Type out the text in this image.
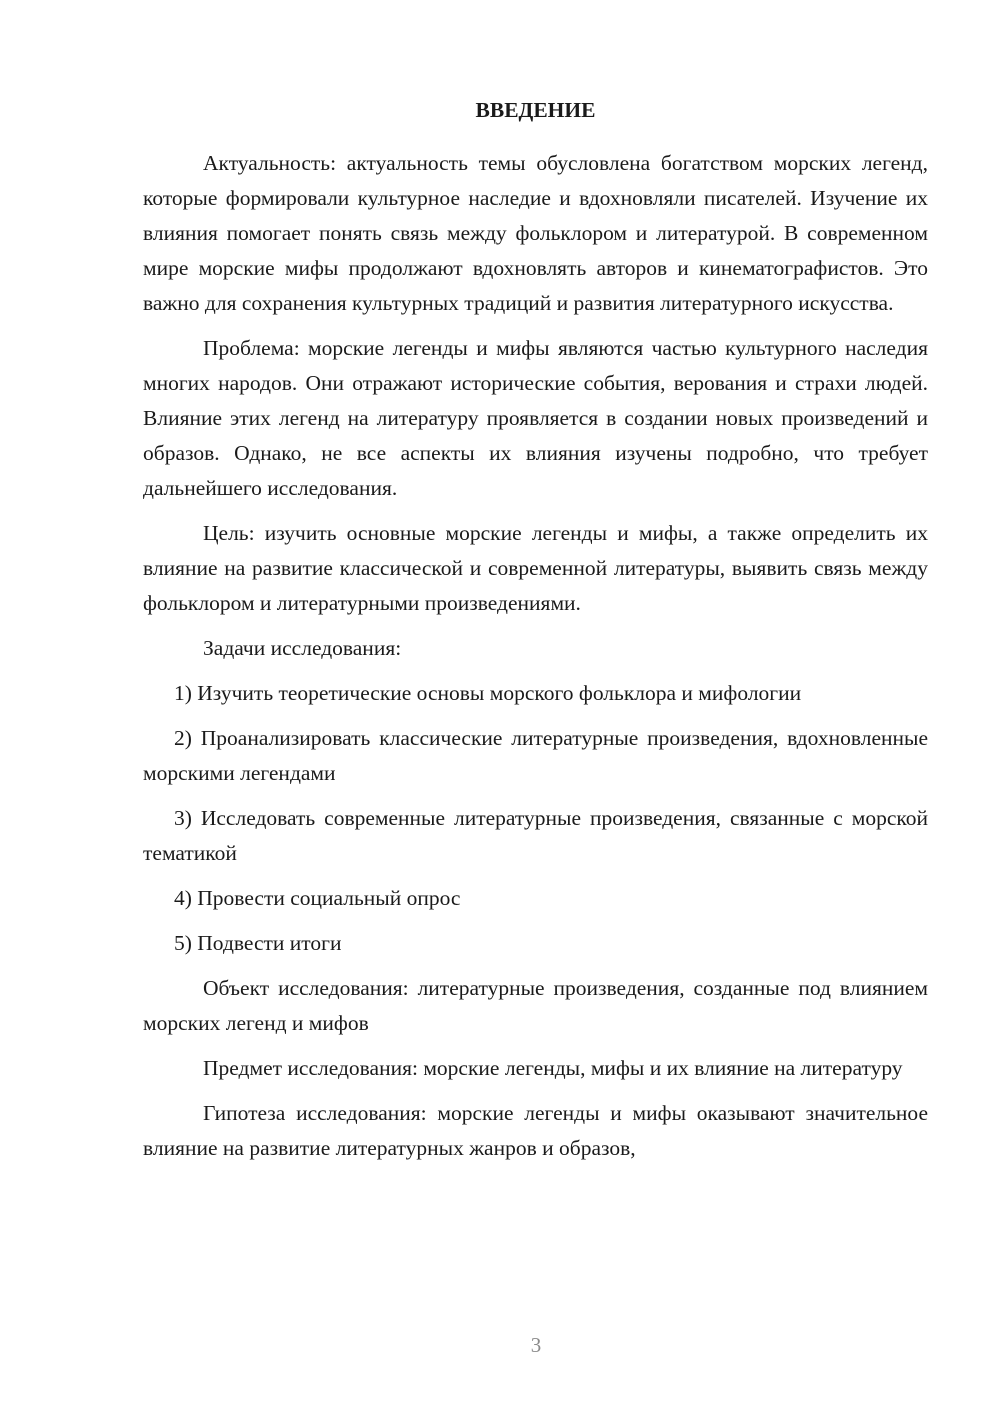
ВВЕДЕНИЕ

Актуальность: актуальность темы обусловлена богатством морских легенд, которые формировали культурное наследие и вдохновляли писателей. Изучение их влияния помогает понять связь между фольклором и литературой. В современном мире морские мифы продолжают вдохновлять авторов и кинематографистов. Это важно для сохранения культурных традиций и развития литературного искусства.

Проблема: морские легенды и мифы являются частью культурного наследия многих народов. Они отражают исторические события, верования и страхи людей. Влияние этих легенд на литературу проявляется в создании новых произведений и образов. Однако, не все аспекты их влияния изучены подробно, что требует дальнейшего исследования.

Цель: изучить основные морские легенды и мифы, а также определить их влияние на развитие классической и современной литературы, выявить связь между фольклором и литературными произведениями.

Задачи исследования:

1) Изучить теоретические основы морского фольклора и мифологии

2) Проанализировать классические литературные произведения, вдохновленные морскими легендами

3) Исследовать современные литературные произведения, связанные с морской тематикой

4) Провести социальный опрос

5) Подвести итоги

Объект исследования: литературные произведения, созданные под влиянием морских легенд и мифов

Предмет исследования: морские легенды, мифы и их влияние на литературу

Гипотеза исследования: морские легенды и мифы оказывают значительное влияние на развитие литературных жанров и образов,

3
